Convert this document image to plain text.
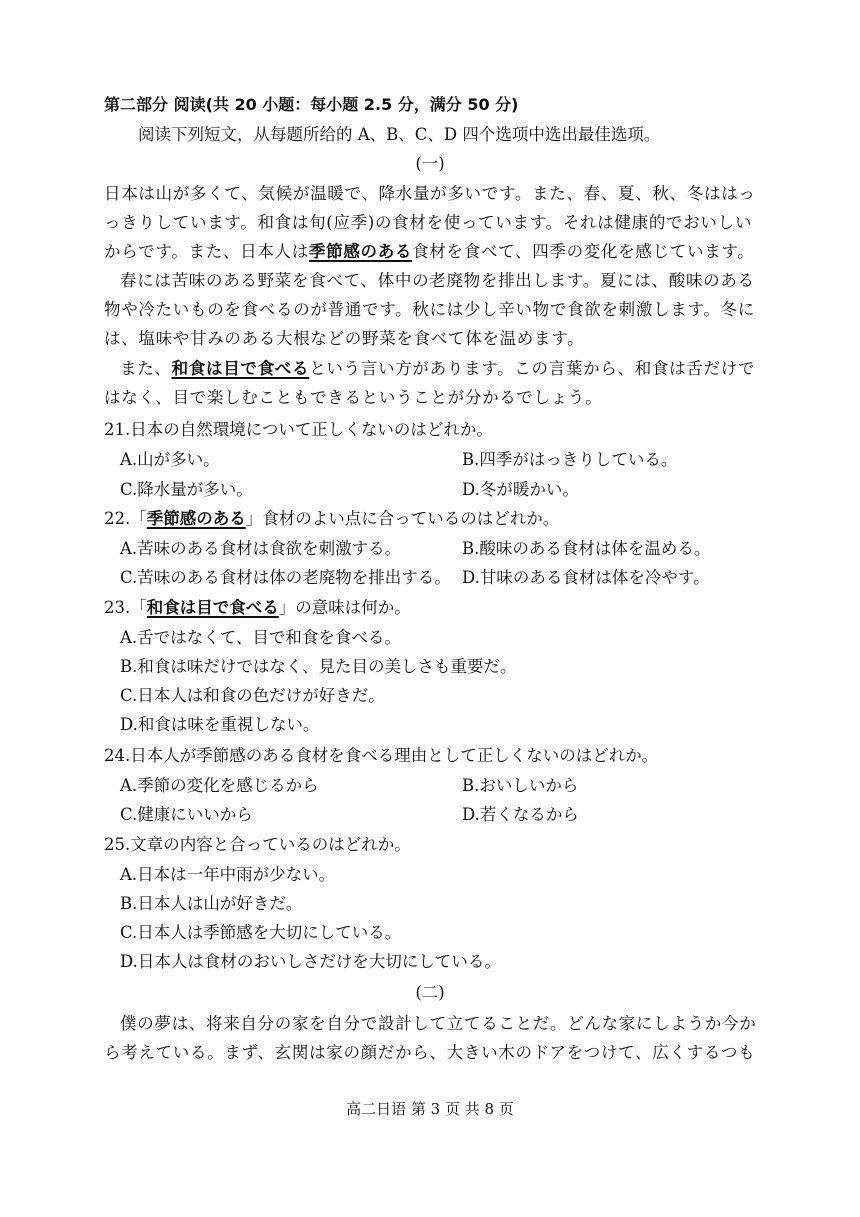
第二部分 阅读(共 20 小题：每小题 2.5 分，满分 50 分)
阅读下列短文，从每题所给的 A、B、C、D 四个选项中选出最佳选项。
(一)
日本は山が多くて、気候が温暖で、降水量が多いです。また、春、夏、秋、冬ははっ
っきりしています。和食は旬(应季)の食材を使っています。それは健康的でおいしい
からです。また、日本人は季節感のある食材を食べて、四季の変化を感じています。
春には苦味のある野菜を食べて、体中の老廃物を排出します。夏には、酸味のある
物や冷たいものを食べるのが普通です。秋には少し辛い物で食欲を刺激します。冬に
は、塩味や甘みのある大根などの野菜を食べて体を温めます。
また、和食は目で食べるという言い方があります。この言葉から、和食は舌だけで
はなく、目で楽しむこともできるということが分かるでしょう。
21.日本の自然環境について正しくないのはどれか。
A.山が多い。	B.四季がはっきりしている。
C.降水量が多い。	D.冬が暖かい。
22.「季節感のある」食材のよい点に合っているのはどれか。
A.苦味のある食材は食欲を刺激する。	B.酸味のある食材は体を温める。
C.苦味のある食材は体の老廃物を排出する。 D.甘味のある食材は体を冷やす。
23.「和食は目で食べる」の意味は何か。
A.舌ではなくて、目で和食を食べる。
B.和食は味だけではなく、見た目の美しさも重要だ。
C.日本人は和食の色だけが好きだ。
D.和食は味を重視しない。
24.日本人が季節感のある食材を食べる理由として正しくないのはどれか。
A.季節の変化を感じるから	B.おいしいから
C.健康にいいから	D.若くなるから
25.文章の内容と合っているのはどれか。
A.日本は一年中雨が少ない。
B.日本人は山が好きだ。
C.日本人は季節感を大切にしている。
D.日本人は食材のおいしさだけを大切にしている。
(二)
僕の夢は、将来自分の家を自分で設計して立てることだ。どんな家にしようか今か
ら考えている。まず、玄関は家の顔だから、大きい木のドアをつけて、広くするつも
高二日语 第 3 页 共 8 页
